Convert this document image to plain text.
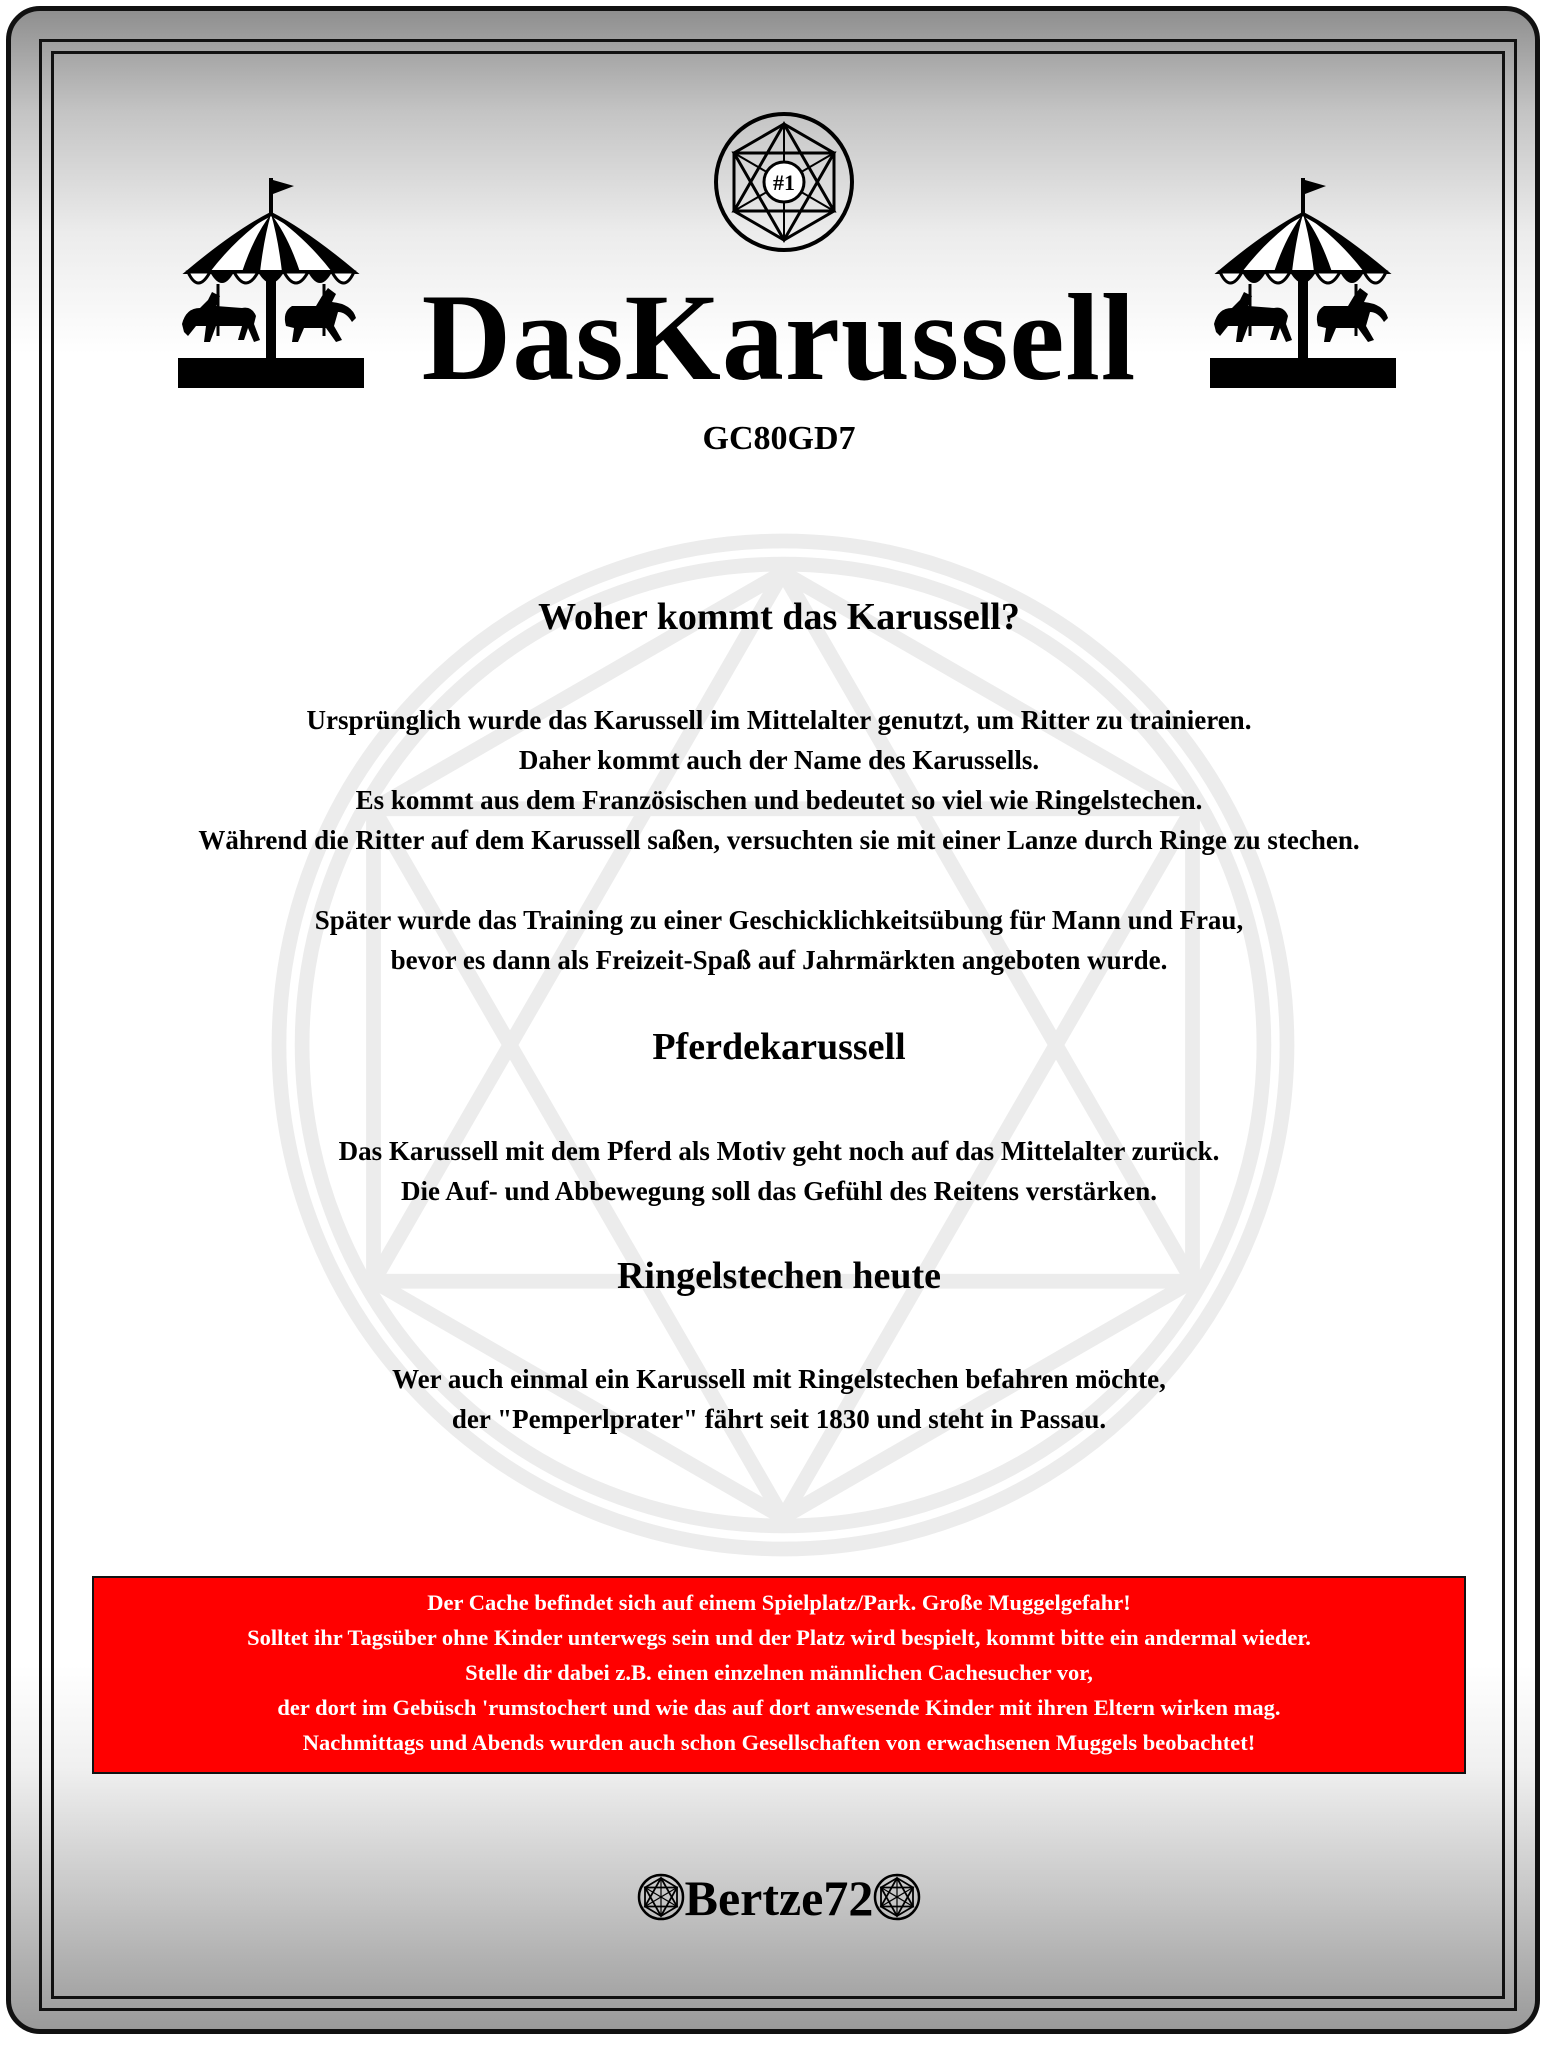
#1
DasKarussell
GC80GD7
Woher kommt das Karussell?
Ursprünglich wurde das Karussell im Mittelalter genutzt, um Ritter zu trainieren.
Daher kommt auch der Name des Karussells.
Es kommt aus dem Französischen und bedeutet so viel wie Ringelstechen.
Während die Ritter auf dem Karussell saßen, versuchten sie mit einer Lanze durch Ringe zu stechen.
Später wurde das Training zu einer Geschicklichkeitsübung für Mann und Frau,
bevor es dann als Freizeit-Spaß auf Jahrmärkten angeboten wurde.
Pferdekarussell
Das Karussell mit dem Pferd als Motiv geht noch auf das Mittelalter zurück.
Die Auf- und Abbewegung soll das Gefühl des Reitens verstärken.
Ringelstechen heute
Wer auch einmal ein Karussell mit Ringelstechen befahren möchte,
der "Pemperlprater" fährt seit 1830 und steht in Passau.
Der Cache befindet sich auf einem Spielplatz/Park. Große Muggelgefahr!
Solltet ihr Tagsüber ohne Kinder unterwegs sein und der Platz wird bespielt, kommt bitte ein andermal wieder.
Stelle dir dabei z.B. einen einzelnen männlichen Cachesucher vor,
der dort im Gebüsch 'rumstochert und wie das auf dort anwesende Kinder mit ihren Eltern wirken mag.
Nachmittags und Abends wurden auch schon Gesellschaften von erwachsenen Muggels beobachtet!
Bertze72
